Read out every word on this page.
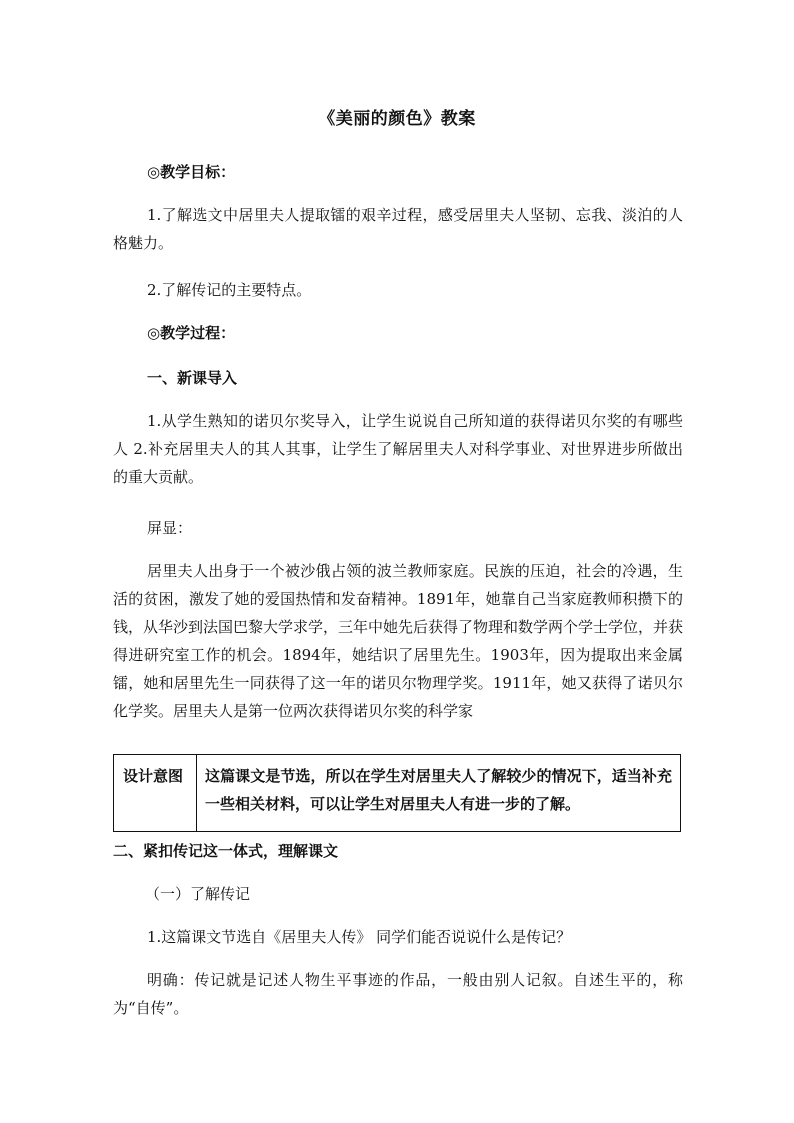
《美丽的颜色》教案

◎教学目标：

1.了解选文中居里夫人提取镭的艰辛过程，感受居里夫人坚韧、忘我、淡泊的人格魅力。

2.了解传记的主要特点。

◎教学过程：

一、新课导入

1.从学生熟知的诺贝尔奖导入，让学生说说自己所知道的获得诺贝尔奖的有哪些人 2.补充居里夫人的其人其事，让学生了解居里夫人对科学事业、对世界进步所做出的重大贡献。

屏显：

居里夫人出身于一个被沙俄占领的波兰教师家庭。民族的压迫，社会的冷遇，生活的贫困，激发了她的爱国热情和发奋精神。1891年，她靠自己当家庭教师积攒下的钱，从华沙到法国巴黎大学求学，三年中她先后获得了物理和数学两个学士学位，并获得进研究室工作的机会。1894年，她结识了居里先生。1903年，因为提取出来金属镭，她和居里先生一同获得了这一年的诺贝尔物理学奖。1911年，她又获得了诺贝尔化学奖。居里夫人是第一位两次获得诺贝尔奖的科学家

设计意图	这篇课文是节选，所以在学生对居里夫人了解较少的情况下，适当补充一些相关材料，可以让学生对居里夫人有进一步的了解。

二、紧扣传记这一体式，理解课文

（一）了解传记

1.这篇课文节选自《居里夫人传》 同学们能否说说什么是传记？

明确：传记就是记述人物生平事迹的作品，一般由别人记叙。自述生平的，称为“自传”。
